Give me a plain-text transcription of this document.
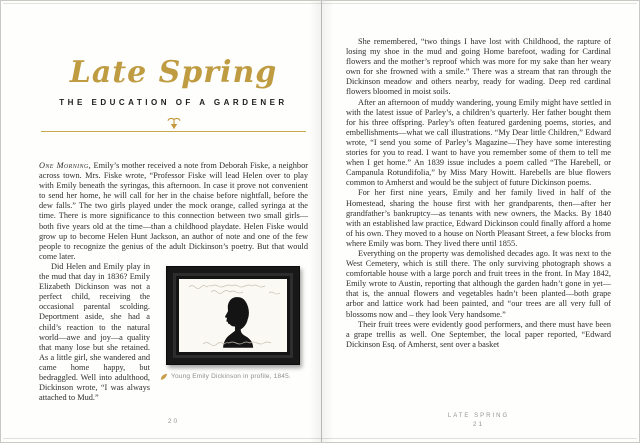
Late Spring
THE EDUCATION OF A GARDENER

One Morning, Emily’s mother received a note from Deborah Fiske, a neighbor across town. Mrs. Fiske wrote, “Professor Fiske will lead Helen over to play with Emily beneath the syringas, this afternoon. In case it prove not convenient to send her home, he will call for her in the chaise before nightfall, before the dew falls.” The two girls played under the mock orange, called syringa at the time. There is more significance to this connection between two small girls—both five years old at the time—than a childhood playdate. Helen Fiske would grow up to become Helen Hunt Jackson, an author of note and one of the few people to recognize the genius of the adult Dickinson’s poetry. But that would come later.

Young Emily Dickinson in profile, 1845.

Did Helen and Emily play in the mud that day in 1836? Emily Elizabeth Dickinson was not a perfect child, receiving the occasional parental scolding. Deportment aside, she had a child’s reaction to the natural world—awe and joy—a quality that many lose but she retained. As a little girl, she wandered and came home happy, but bedraggled. Well into adulthood, Dickinson wrote, “I was always attached to Mud.”

20

She remembered, “two things I have lost with Childhood, the rapture of losing my shoe in the mud and going Home barefoot, wading for Cardinal flowers and the mother’s reproof which was more for my sake than her weary own for she frowned with a smile.” There was a stream that ran through the Dickinson meadow and others nearby, ready for wading. Deep red cardinal flowers bloomed in moist soils.

After an afternoon of muddy wandering, young Emily might have settled in with the latest issue of Parley’s, a children’s quarterly. Her father bought them for his three offspring. Parley’s often featured gardening poems, stories, and embellishments—what we call illustrations. “My Dear little Children,” Edward wrote, “I send you some of Parley’s Magazine—They have some interesting stories for you to read. I want to have you remember some of them to tell me when I get home.” An 1839 issue includes a poem called “The Harebell, or Campanula Rotundifolia,” by Miss Mary Howitt. Harebells are blue flowers common to Amherst and would be the subject of future Dickinson poems.

For her first nine years, Emily and her family lived in half of the Homestead, sharing the house first with her grandparents, then—after her grandfather’s bankruptcy—as tenants with new owners, the Macks. By 1840 with an established law practice, Edward Dickinson could finally afford a home of his own. They moved to a house on North Pleasant Street, a few blocks from where Emily was born. They lived there until 1855.

Everything on the property was demolished decades ago. It was next to the West Cemetery, which is still there. The only surviving photograph shows a comfortable house with a large porch and fruit trees in the front. In May 1842, Emily wrote to Austin, reporting that although the garden hadn’t gone in yet—that is, the annual flowers and vegetables hadn’t been planted—both grape arbor and lattice work had been painted, and “our trees are all very full of blossoms now and – they look Very handsome.”

Their fruit trees were evidently good performers, and there must have been a grape trellis as well. One September, the local paper reported, “Edward Dickinson Esq. of Amherst, sent over a basket

LATE SPRING
21
